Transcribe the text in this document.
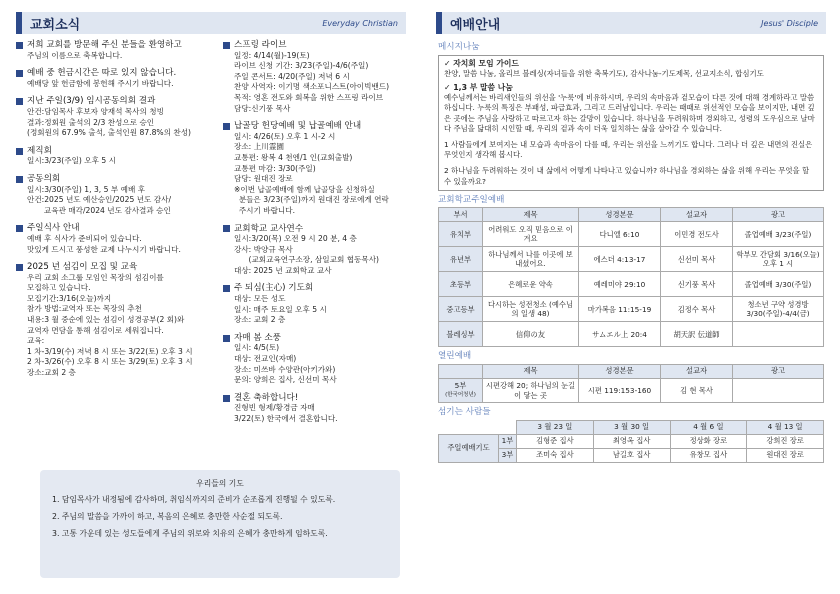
교회소식	Everyday Christian
저희 교회를 방문해 주신 분들을 환영하고
주님의 이름으로 축복합니다.
예배 중 헌금시간은 따로 있지 않습니다.
예배당 앞 헌금함에 봉헌해 주시기 바랍니다.
지난 주일(3/9) 임시공동의회 결과
안건:담임목사 후보자 양재석 목사의 청빙
결과:정회원 출석의 2/3 찬성으로 승인
(정회원의 67.9% 출석, 출석인원 87.8%의 찬성)
제직회
일시:3/23(주일) 오후 5 시
공동의회
일시:3/30(주일) 1, 3, 5 부 예배 후
안건:2025 년도 예산승인/2025 년도 감사/
교육관 매각/2024 년도 감사결과 승인
주일식사 안내
예배 후 식사가 준비되어 있습니다.
맛있게 드시고 풍성한 교제 나누시기 바랍니다.
2025 년 섬김이 모집 및 교육
우리 교회 소그룹 모임인 목장의 섬김이를
모집하고 있습니다.
모집기간:3/16(오늘)까지
참가 방법:교역자 또는 목장의 추천
내용:3 월 중순에 있는 섬김이 성경공부(2 회)와
교역자 면담을 통해 섬김이로 세워집니다.
교육:
1 차-3/19(수) 저녁 8 시 또는 3/22(토) 오후 3 시
2 차-3/26(수) 오후 8 시 또는 3/29(토) 오후 3 시
장소:교회 2 층
스프링 라이브
일정: 4/14(월)-19(토)
라이브 신청 기간: 3/23(주일)-4/6(주일)
주일 콘서트: 4/20(주일) 저녁 6 시
찬양 사역자: 이기명 색소포니스트(아이빅밴드)
목적: 영혼 전도와 회복을 위한 스프링 라이브
담당:신기풍 목사
납골당 헌당예배 및 납골예배 안내
일시: 4/26(토) 오후 1 시-2 시
장소: 上川霊園
교통편: 왕복 4 천엔/1 인(교회출발)
교통편 마감: 3/30(주일)
담당: 원대진 장로
※이번 납골예배에 함께 납골당을 신청하실
분들은 3/23(주일)까지 원대진 장로에게 연락
주시기 바랍니다.
교회학교 교사연수
일시:3/20(목) 오전 9 시 20 분, 4 층
강사: 박양규 목사
(교회교육연구소장, 삼일교회 협동목사)
대상: 2025 년 교회학교 교사
주 되심(主心) 기도회
대상: 모든 성도
일시: 매주 토요일 오후 5 시
장소: 교회 2 층
자매 봄 소풍
일시: 4/5(토)
대상: 전교인(자매)
장소: 미쓰바 수양관(아키가와)
문의: 양희은 집사, 신선미 목사
결혼 축하합니다!
진형빈 형제/황경금 자매
3/22(토) 한국에서 결혼합니다.
우리들의 기도
1. 담임목사가 내정됨에 감사하며, 취임식까지의 준비가 순조롭게 진행될 수 있도록.
2. 주님의 말씀을 가까이 하고, 복음의 은혜로 충만한 사순절 되도록.
3. 고통 가운데 있는 성도들에게 주님의 위로와 치유의 은혜가 충만하게 임하도록.
예배안내	Jesus' Disciple
메시지나눔
✓ 자치회 모임 가이드
찬양, 말씀 나눔, 올리브 블레싱(자녀들을 위한 축복기도), 감사나눔-기도제목, 선교지소식, 합심기도
✓ 1,3 부 말씀 나눔
예수님께서는 바리새인들의 위선을 '누룩'에 비유하시며, 우리의 속마음과 겉모습이 다른 것에 대해 경계하라고 말씀하십니다. 누룩의 특징은 부패성, 파급효과, 그리고 드러남입니다. 우리는 때때로 위선적인 모습을 보이지만, 내면 깊은 곳에는 주님을 사랑하고 따르고자 하는 갈망이 있습니다. 하나님을 두려워하며 경외하고, 성령의 도우심으로 날마다 주님을 닮대히 시인할 때, 우리의 겉과 속이 더욱 일치하는 삶을 살아갈 수 있습니다.
1 사람들에게 보여지는 내 모습과 속마음이 다를 때, 우리는 위선을 느끼기도 합니다. 그러나 더 깊은 내면의 진실은 무엇인지 생각해 봅시다.
2 하나님을 두려워하는 것이 내 삶에서 어떻게 나타나고 있습니까? 하나님을 경외하는 삶을 위해 우리는 무엇을 할 수 있을까요?
교회학교주일예배
부서	제목	성경본문	설교자	광고
유치부	어려워도 오직 믿음으로 이겨요	다니엘 6:10	이민경 전도사	졸업예배 3/23(주일)
유년부	하나님께서 나를 이곳에 보내셨어요.	에스더 4:13-17	신선미 목사	학부모 간담회 3/16(오늘) 오후 1 시
초등부	은혜로운 약속	예레미야 29:10	신기풍 목사	졸업예배 3/30(주일)
중고등부	다시하는 성전청소 (예수님의 일생 48)	마가복음 11:15-19	김정수 목사	청소년 구약 성경방 3/30(주일)-4/4(금)
블레싱부	信仰の友	サムエル上 20:4	胡天訳 伝道師	
열린예배
	제목	성경본문	설교자	광고

5부
(한국어청년)	시편강해 20; 하나님의 눈길이 닿는 곳	시편 119:153-160	김 현 목사	
섬기는 사람들
		3 월 23 일	3 월 30 일	4 월 6 일	4 월 13 일
주일예배기도	1부	김형준 집사	최영옥 집사	정상화 장로	강희진 장로
	3부	조미숙 집사	남길호 집사	유창모 집사	원대진 장로
